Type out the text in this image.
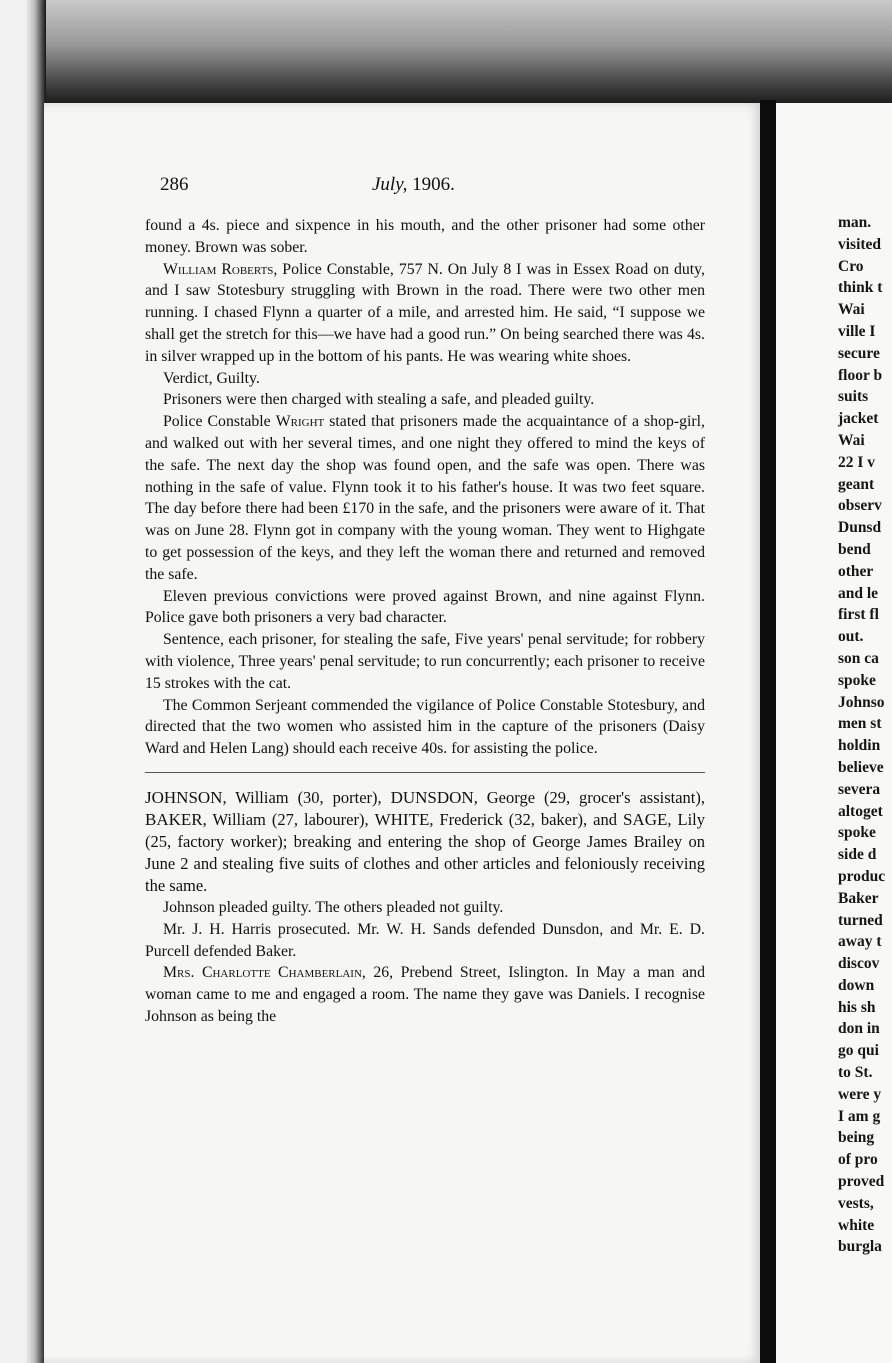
286	July, 1906.

found a 4s. piece and sixpence in his mouth, and the other prisoner had some other money. Brown was sober.

William Roberts, Police Constable, 757 N. On July 8 I was in Essex Road on duty, and I saw Stotesbury struggling with Brown in the road. There were two other men running. I chased Flynn a quarter of a mile, and arrested him. He said, “I suppose we shall get the stretch for this—we have had a good run.” On being searched there was 4s. in silver wrapped up in the bottom of his pants. He was wearing white shoes.

Verdict, Guilty.

Prisoners were then charged with stealing a safe, and pleaded guilty.

Police Constable Wright stated that prisoners made the acquaintance of a shop-girl, and walked out with her several times, and one night they offered to mind the keys of the safe. The next day the shop was found open, and the safe was open. There was nothing in the safe of value. Flynn took it to his father's house. It was two feet square. The day before there had been £170 in the safe, and the prisoners were aware of it. That was on June 28. Flynn got in company with the young woman. They went to Highgate to get possession of the keys, and they left the woman there and returned and removed the safe.

Eleven previous convictions were proved against Brown, and nine against Flynn. Police gave both prisoners a very bad character.

Sentence, each prisoner, for stealing the safe, Five years' penal servitude; for robbery with violence, Three years' penal servitude; to run concurrently; each prisoner to receive 15 strokes with the cat.

The Common Serjeant commended the vigilance of Police Constable Stotesbury, and directed that the two women who assisted him in the capture of the prisoners (Daisy Ward and Helen Lang) should each receive 40s. for assisting the police.

JOHNSON, William (30, porter), DUNSDON, George (29, grocer's assistant), BAKER, William (27, labourer), WHITE, Frederick (32, baker), and SAGE, Lily (25, factory worker); breaking and entering the shop of George James Brailey on June 2 and stealing five suits of clothes and other articles and feloniously receiving the same.

Johnson pleaded guilty. The others pleaded not guilty.

Mr. J. H. Harris prosecuted. Mr. W. H. Sands defended Dunsdon, and Mr. E. D. Purcell defended Baker.

Mrs. Charlotte Chamberlain, 26, Prebend Street, Islington. In May a man and woman came to me and engaged a room. The name they gave was Daniels. I recognise Johnson as being the

man.
visited
Cro
think t
Wai
ville I
secure
floor b
suits
jacket
Wai
22 I v
geant
observ
Dunsd
bend
other
and le
first fl
out.
son ca
spoke
Johnso
men st
holdin
believe
severa
altoget
spoke
side d
produc
Baker
turned
away t
discov
down
his sh
don in
go qui
to St.
were y
I am g
being
of pro
proved
vests,
white
burgla
